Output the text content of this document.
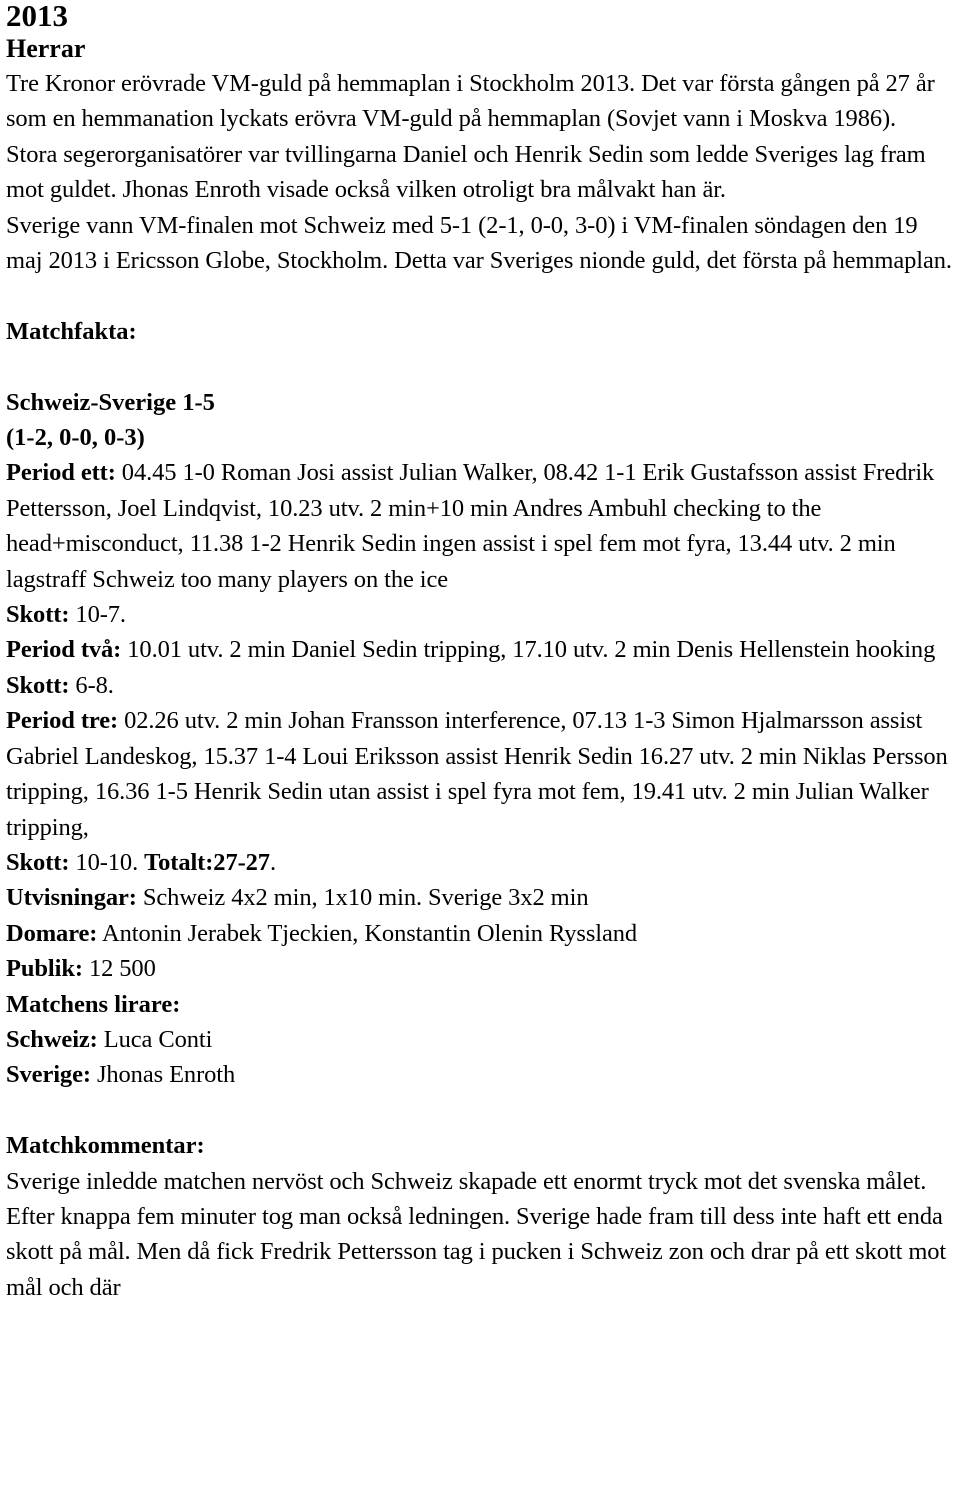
2013
Herrar

Tre Kronor erövrade VM-guld på hemmaplan i Stockholm 2013. Det var första gången på 27 år som en hemmanation lyckats erövra VM-guld på hemmaplan (Sovjet vann i Moskva 1986).

Stora segerorganisatörer var tvillingarna Daniel och Henrik Sedin som ledde Sveriges lag fram mot guldet. Jhonas Enroth visade också vilken otroligt bra målvakt han är.

Sverige vann VM-finalen mot Schweiz med 5-1 (2-1, 0-0, 3-0) i VM-finalen söndagen den 19 maj 2013 i Ericsson Globe, Stockholm. Detta var Sveriges nionde guld, det första på hemmaplan.

Matchfakta:

Schweiz-Sverige 1-5

(1-2, 0-0, 0-3)

Period ett: 04.45 1-0 Roman Josi assist Julian Walker, 08.42 1-1 Erik Gustafsson assist Fredrik Pettersson, Joel Lindqvist, 10.23 utv. 2 min+10 min Andres Ambuhl checking to the head+misconduct, 11.38 1-2 Henrik Sedin ingen assist i spel fem mot fyra, 13.44 utv. 2 min lagstraff Schweiz too many players on the ice

Skott: 10-7.

Period två: 10.01 utv. 2 min Daniel Sedin tripping, 17.10 utv. 2 min Denis Hellenstein hooking

Skott: 6-8.

Period tre: 02.26 utv. 2 min Johan Fransson interference, 07.13 1-3 Simon Hjalmarsson assist Gabriel Landeskog, 15.37 1-4 Loui Eriksson assist Henrik Sedin 16.27 utv. 2 min Niklas Persson tripping, 16.36 1-5 Henrik Sedin utan assist i spel fyra mot fem, 19.41 utv. 2 min Julian Walker tripping,

Skott: 10-10. Totalt:27-27.

Utvisningar: Schweiz 4x2 min, 1x10 min. Sverige 3x2 min

Domare: Antonin Jerabek Tjeckien, Konstantin Olenin Ryssland

Publik: 12 500

Matchens lirare:

Schweiz: Luca Conti

Sverige: Jhonas Enroth

Matchkommentar:

Sverige inledde matchen nervöst och Schweiz skapade ett enormt tryck mot det svenska målet. Efter knappa fem minuter tog man också ledningen. Sverige hade fram till dess inte haft ett enda skott på mål. Men då fick Fredrik Pettersson tag i pucken i Schweiz zon och drar på ett skott mot mål och där
